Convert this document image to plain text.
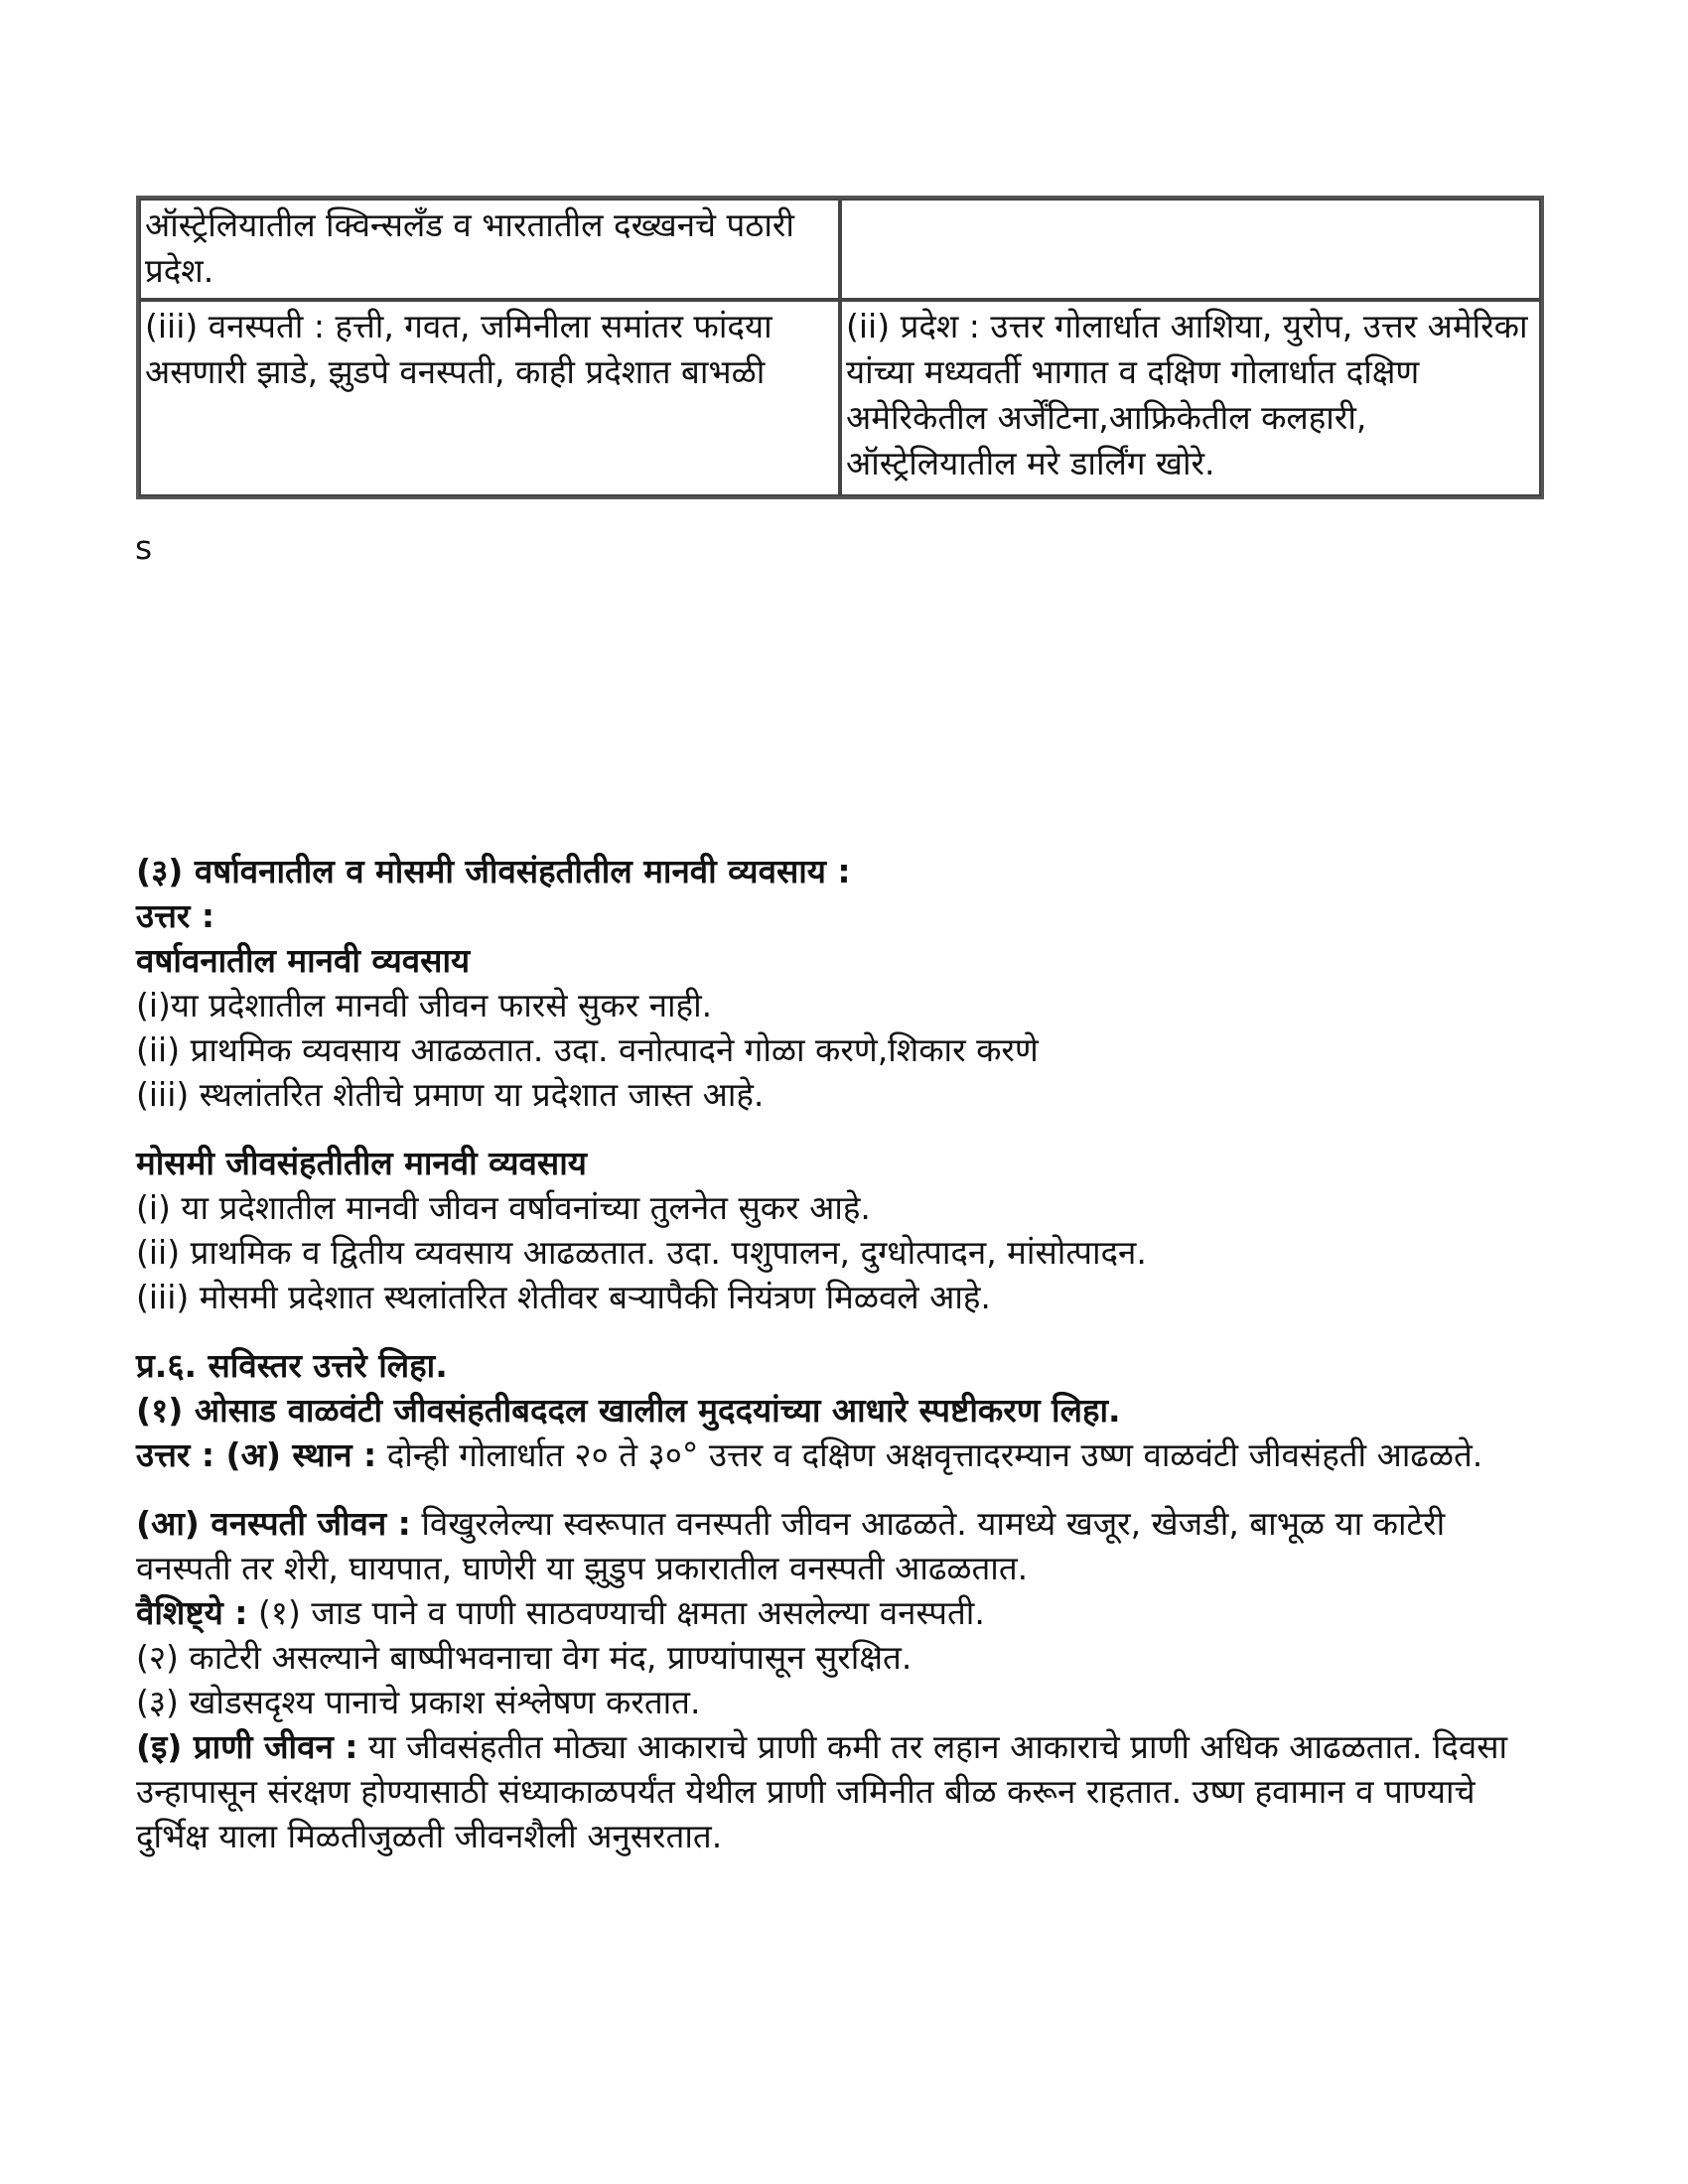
ऑस्ट्रेलियातील क्विन्सलँड व भारतातील दख्खनचे पठारी प्रदेश.	
(iii) वनस्पती : हत्ती, गवत, जमिनीला समांतर फांदया असणारी झाडे, झुडपे वनस्पती, काही प्रदेशात बाभळी	(ii) प्रदेश : उत्तर गोलार्धात आशिया, युरोप, उत्तर अमेरिका यांच्या मध्यवर्ती भागात व दक्षिण गोलार्धात दक्षिण अमेरिकेतील अर्जेंटिना,आफ्रिकेतील कलहारी, ऑस्ट्रेलियातील मरे डार्लिंग खोरे.
s

(३) वर्षावनातील व मोसमी जीवसंहतीतील मानवी व्यवसाय :

उत्तर :

वर्षावनातील मानवी व्यवसाय

(i)या प्रदेशातील मानवी जीवन फारसे सुकर नाही.

(ii) प्राथमिक व्यवसाय आढळतात. उदा. वनोत्पादने गोळा करणे,शिकार करणे

(iii) स्थलांतरित शेतीचे प्रमाण या प्रदेशात जास्त आहे.

मोसमी जीवसंहतीतील मानवी व्यवसाय

(i) या प्रदेशातील मानवी जीवन वर्षावनांच्या तुलनेत सुकर आहे.

(ii) प्राथमिक व द्वितीय व्यवसाय आढळतात. उदा. पशुपालन, दुग्धोत्पादन, मांसोत्पादन.

(iii) मोसमी प्रदेशात स्थलांतरित शेतीवर बऱ्यापैकी नियंत्रण मिळवले आहे.

प्र.६. सविस्तर उत्तरे लिहा.

(१) ओसाड वाळवंटी जीवसंहतीबददल खालील मुददयांच्या आधारे स्पष्टीकरण लिहा.

उत्तर : (अ) स्थान : दोन्ही गोलार्धात २० ते ३०° उत्तर व दक्षिण अक्षवृत्तादरम्यान उष्ण वाळवंटी जीवसंहती आढळते.

(आ) वनस्पती जीवन : विखुरलेल्या स्वरूपात वनस्पती जीवन आढळते. यामध्ये खजूर, खेजडी, बाभूळ या काटेरी वनस्पती तर शेरी, घायपात, घाणेरी या झुडुप प्रकारातील वनस्पती आढळतात.

वैशिष्ट्ये : (१) जाड पाने व पाणी साठवण्याची क्षमता असलेल्या वनस्पती.

(२) काटेरी असल्याने बाष्पीभवनाचा वेग मंद, प्राण्यांपासून सुरक्षित.

(३) खोडसदृश्य पानाचे प्रकाश संश्लेषण करतात.

(इ) प्राणी जीवन : या जीवसंहतीत मोठ्या आकाराचे प्राणी कमी तर लहान आकाराचे प्राणी अधिक आढळतात. दिवसा उन्हापासून संरक्षण होण्यासाठी संध्याकाळपर्यंत येथील प्राणी जमिनीत बीळ करून राहतात. उष्ण हवामान व पाण्याचे दुर्भिक्ष याला मिळतीजुळती जीवनशैली अनुसरतात.
